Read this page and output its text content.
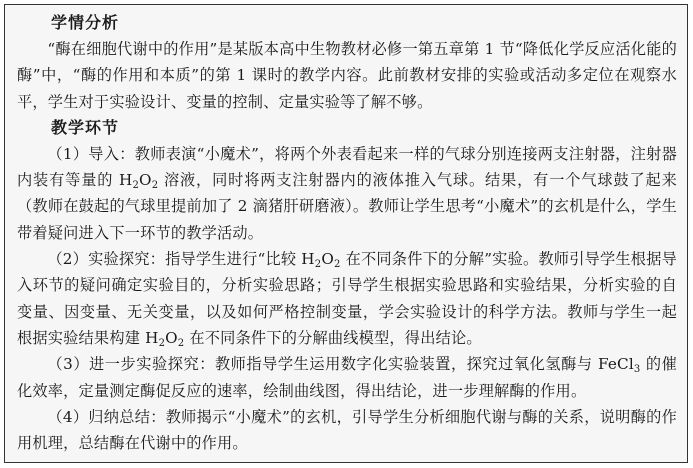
学情分析

“酶在细胞代谢中的作用”是某版本高中生物教材必修一第五章第 1 节“降低化学反应活化能的酶”中，“酶的作用和本质”的第 1 课时的教学内容。此前教材安排的实验或活动多定位在观察水平，学生对于实验设计、变量的控制、定量实验等了解不够。

教学环节

（1）导入：教师表演“小魔术”，将两个外表看起来一样的气球分别连接两支注射器，注射器内装有等量的 $H_2O_2$ 溶液，同时将两支注射器内的液体推入气球。结果，有一个气球鼓了起来（教师在鼓起的气球里提前加了 2 滴猪肝研磨液）。教师让学生思考“小魔术”的玄机是什么，学生带着疑问进入下一环节的教学活动。

（2）实验探究：指导学生进行“比较 $H_2O_2$ 在不同条件下的分解”实验。教师引导学生根据导入环节的疑问确定实验目的，分析实验思路；引导学生根据实验思路和实验结果，分析实验的自变量、因变量、无关变量，以及如何严格控制变量，学会实验设计的科学方法。教师与学生一起根据实验结果构建 $H_2O_2$ 在不同条件下的分解曲线模型，得出结论。

（3）进一步实验探究：教师指导学生运用数字化实验装置，探究过氧化氢酶与 FeCl$_3$ 的催化效率，定量测定酶促反应的速率，绘制曲线图，得出结论，进一步理解酶的作用。

（4）归纳总结：教师揭示“小魔术”的玄机，引导学生分析细胞代谢与酶的关系，说明酶的作用机理，总结酶在代谢中的作用。
